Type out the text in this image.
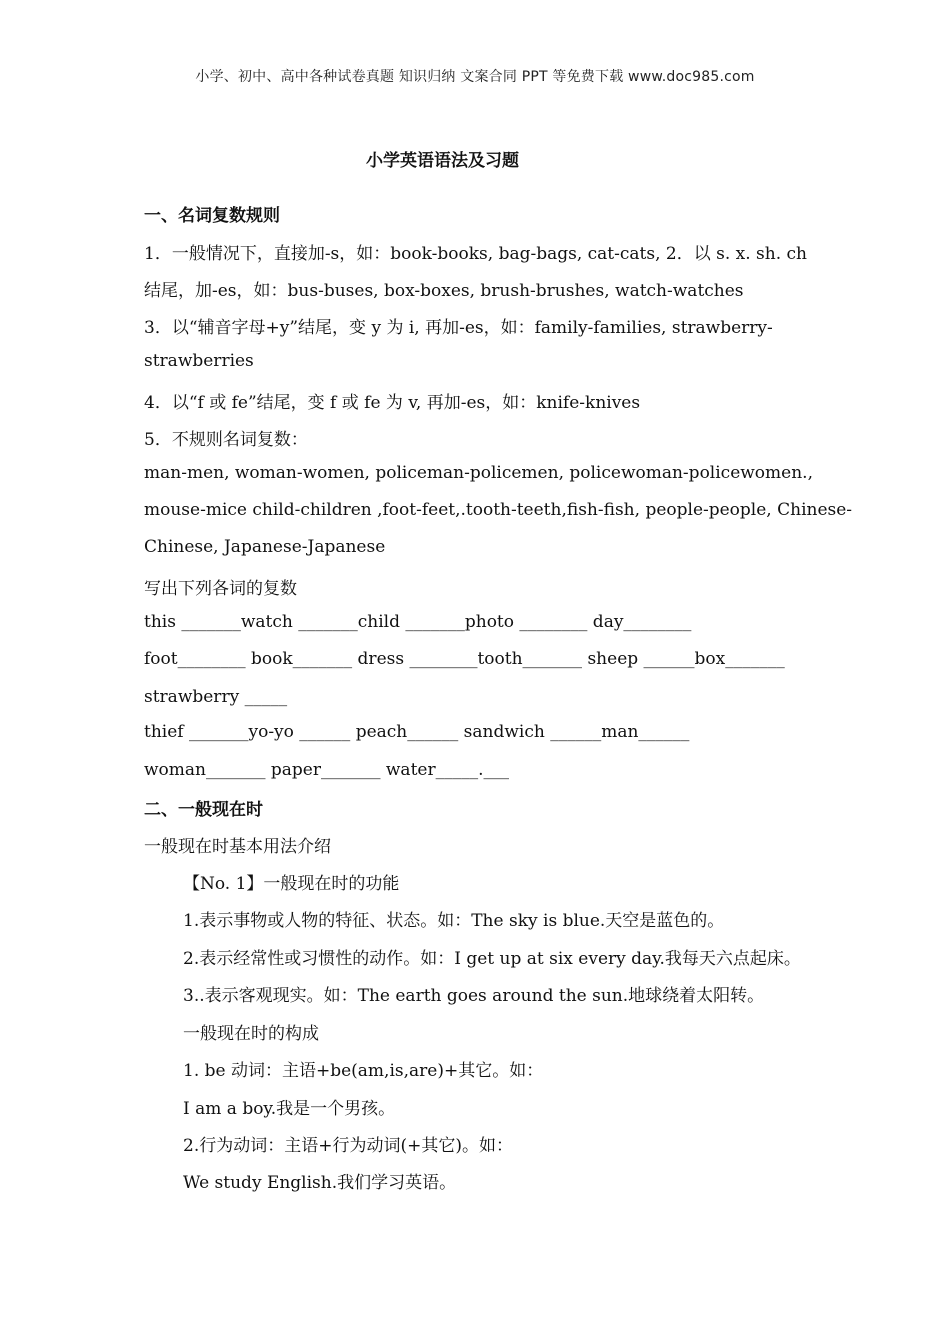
小学、初中、高中各种试卷真题 知识归纳 文案合同 PPT 等免费下载 www.doc985.com
小学英语语法及习题
一、名词复数规则
1．一般情况下，直接加-s，如：book-books, bag-bags, cat-cats, 2．以 s. x. sh. ch
结尾，加-es，如：bus-buses, box-boxes, brush-brushes, watch-watches
3．以“辅音字母+y”结尾，变 y 为 i, 再加-es，如：family-families, strawberry-
strawberries
4．以“f 或 fe”结尾，变 f 或 fe 为 v, 再加-es，如：knife-knives
5．不规则名词复数：
man-men, woman-women, policeman-policemen, policewoman-policewomen.,
mouse-mice child-children ,foot-feet,.tooth-teeth,fish-fish, people-people, Chinese-
Chinese, Japanese-Japanese
写出下列各词的复数
this _______watch _______child _______photo ________ day________
foot________ book_______ dress ________tooth_______ sheep ______box_______
strawberry _____
thief _______yo-yo ______ peach______ sandwich ______man______
woman_______ paper_______ water_____.___
二、一般现在时
一般现在时基本用法介绍
【No. 1】一般现在时的功能
1.表示事物或人物的特征、状态。如：The sky is blue.天空是蓝色的。
2.表示经常性或习惯性的动作。如：I get up at six every day.我每天六点起床。
3..表示客观现实。如：The earth goes around the sun.地球绕着太阳转。
一般现在时的构成
1. be 动词：主语+be(am,is,are)+其它。如：
I am a boy.我是一个男孩。
2.行为动词：主语+行为动词(+其它)。如：
We study English.我们学习英语。
